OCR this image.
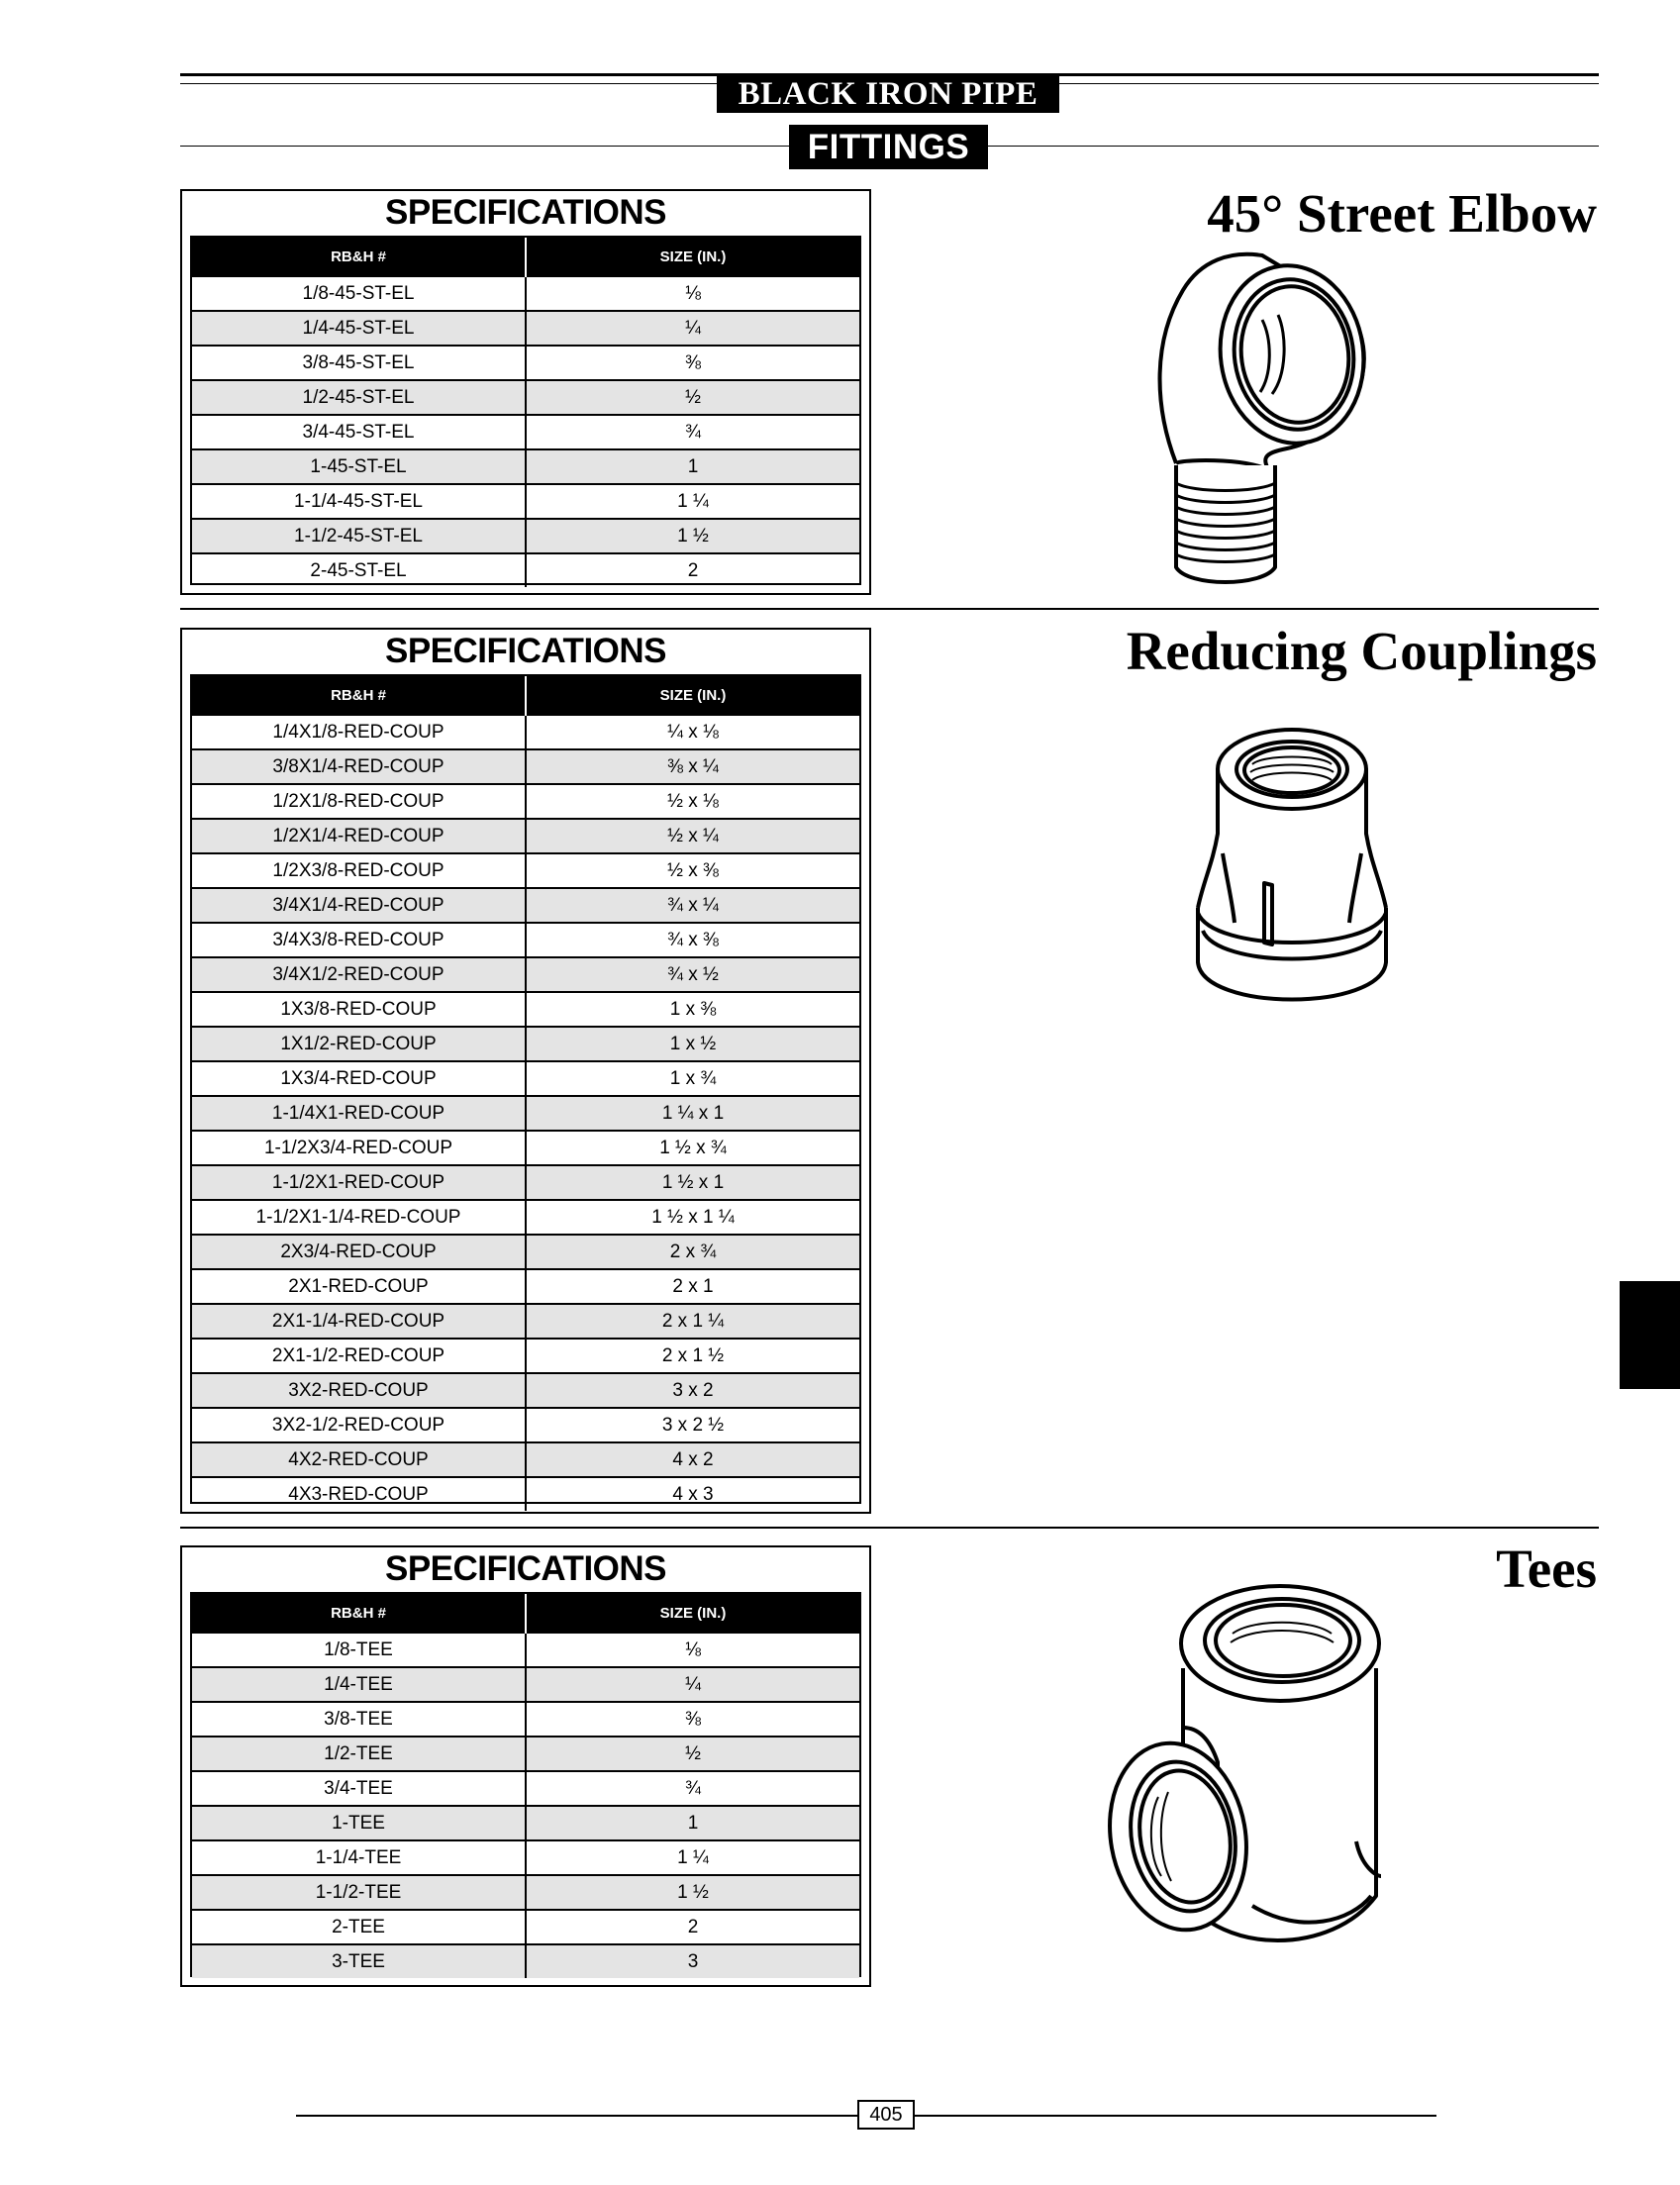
BLACK IRON PIPE
FITTINGS
45° Street Elbow
SPECIFICATIONS
RB&H #	SIZE (IN.)
1/8-45-ST-EL	⅛
1/4-45-ST-EL	¼
3/8-45-ST-EL	⅜
1/2-45-ST-EL	½
3/4-45-ST-EL	¾
1-45-ST-EL	1
1-1/4-45-ST-EL	1 ¼
1-1/2-45-ST-EL	1 ½
2-45-ST-EL	2
Reducing Couplings
SPECIFICATIONS
RB&H #	SIZE (IN.)
1/4X1/8-RED-COUP	¼ x ⅛
3/8X1/4-RED-COUP	⅜ x ¼
1/2X1/8-RED-COUP	½ x ⅛
1/2X1/4-RED-COUP	½ x ¼
1/2X3/8-RED-COUP	½ x ⅜
3/4X1/4-RED-COUP	¾ x ¼
3/4X3/8-RED-COUP	¾ x ⅜
3/4X1/2-RED-COUP	¾ x ½
1X3/8-RED-COUP	1 x ⅜
1X1/2-RED-COUP	1 x ½
1X3/4-RED-COUP	1 x ¾
1-1/4X1-RED-COUP	1 ¼ x 1
1-1/2X3/4-RED-COUP	1 ½ x ¾
1-1/2X1-RED-COUP	1 ½ x 1
1-1/2X1-1/4-RED-COUP	1 ½ x 1 ¼
2X3/4-RED-COUP	2 x ¾
2X1-RED-COUP	2 x 1
2X1-1/4-RED-COUP	2 x 1 ¼
2X1-1/2-RED-COUP	2 x 1 ½
3X2-RED-COUP	3 x 2
3X2-1/2-RED-COUP	3 x 2 ½
4X2-RED-COUP	4 x 2
4X3-RED-COUP	4 x 3
Tees
SPECIFICATIONS
RB&H #	SIZE (IN.)
1/8-TEE	⅛
1/4-TEE	¼
3/8-TEE	⅜
1/2-TEE	½
3/4-TEE	¾
1-TEE	1
1-1/4-TEE	1 ¼
1-1/2-TEE	1 ½
2-TEE	2
3-TEE	3
405
